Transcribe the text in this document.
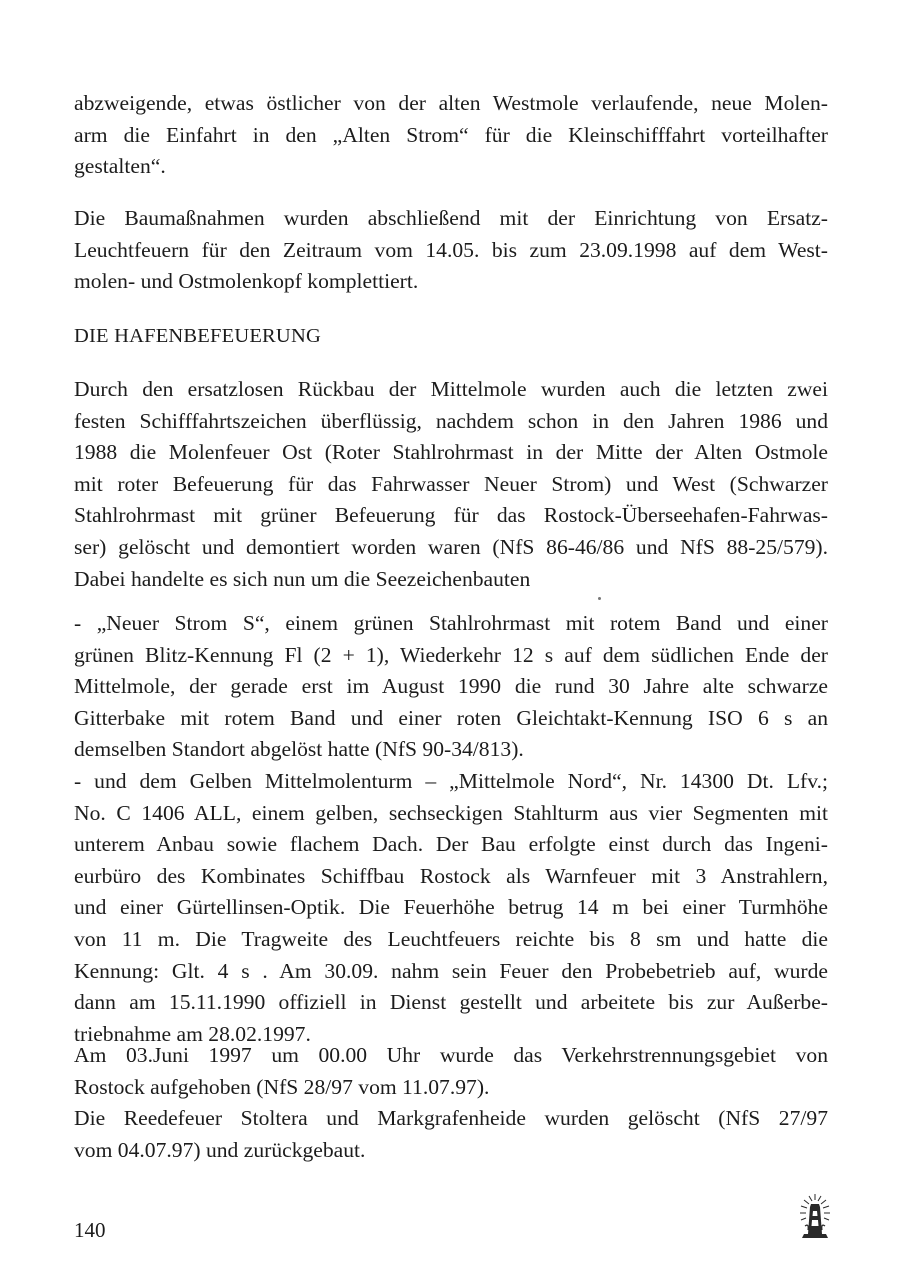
abzweigende, etwas östlicher von der alten Westmole verlaufende, neue Molen-
arm die Einfahrt in den „Alten Strom“ für die Kleinschifffahrt vorteilhafter
gestalten“.
Die Baumaßnahmen wurden abschließend mit der Einrichtung von Ersatz-
Leuchtfeuern für den Zeitraum vom 14.05. bis zum 23.09.1998 auf dem West-
molen- und Ostmolenkopf komplettiert.
DIE HAFENBEFEUERUNG
Durch den ersatzlosen Rückbau der Mittelmole wurden auch die letzten zwei
festen Schifffahrtszeichen überflüssig, nachdem schon in den Jahren 1986 und
1988 die Molenfeuer Ost (Roter Stahlrohrmast in der Mitte der Alten Ostmole
mit roter Befeuerung für das Fahrwasser Neuer Strom) und West (Schwarzer
Stahlrohrmast mit grüner Befeuerung für das Rostock-Überseehafen-Fahrwas-
ser) gelöscht und demontiert worden waren (NfS 86-46/86 und NfS 88-25/579).
Dabei handelte es sich nun um die Seezeichenbauten
- „Neuer Strom S“, einem grünen Stahlrohrmast mit rotem Band und einer
grünen Blitz-Kennung Fl (2 + 1), Wiederkehr 12 s auf dem südlichen Ende der
Mittelmole, der gerade erst im August 1990 die rund 30 Jahre alte schwarze
Gitterbake mit rotem Band und einer roten Gleichtakt-Kennung ISO 6 s an
demselben Standort abgelöst hatte (NfS 90-34/813).
- und dem Gelben Mittelmolenturm – „Mittelmole Nord“, Nr. 14300 Dt. Lfv.;
No. C 1406 ALL, einem gelben, sechseckigen Stahlturm aus vier Segmenten mit
unterem Anbau sowie flachem Dach. Der Bau erfolgte einst durch das Ingeni-
eurbüro des Kombinates Schiffbau Rostock als Warnfeuer mit 3 Anstrahlern,
und einer Gürtellinsen-Optik. Die Feuerhöhe betrug 14 m bei einer Turmhöhe
von 11 m. Die Tragweite des Leuchtfeuers reichte bis 8 sm und hatte die
Kennung: Glt. 4 s . Am 30.09. nahm sein Feuer den Probebetrieb auf, wurde
dann am 15.11.1990 offiziell in Dienst gestellt und arbeitete bis zur Außerbe-
triebnahme am 28.02.1997.
Am 03.Juni 1997 um 00.00 Uhr wurde das Verkehrstrennungsgebiet von
Rostock aufgehoben (NfS 28/97 vom 11.07.97).
Die Reedefeuer Stoltera und Markgrafenheide wurden gelöscht (NfS 27/97
vom 04.07.97) und zurückgebaut.
140
